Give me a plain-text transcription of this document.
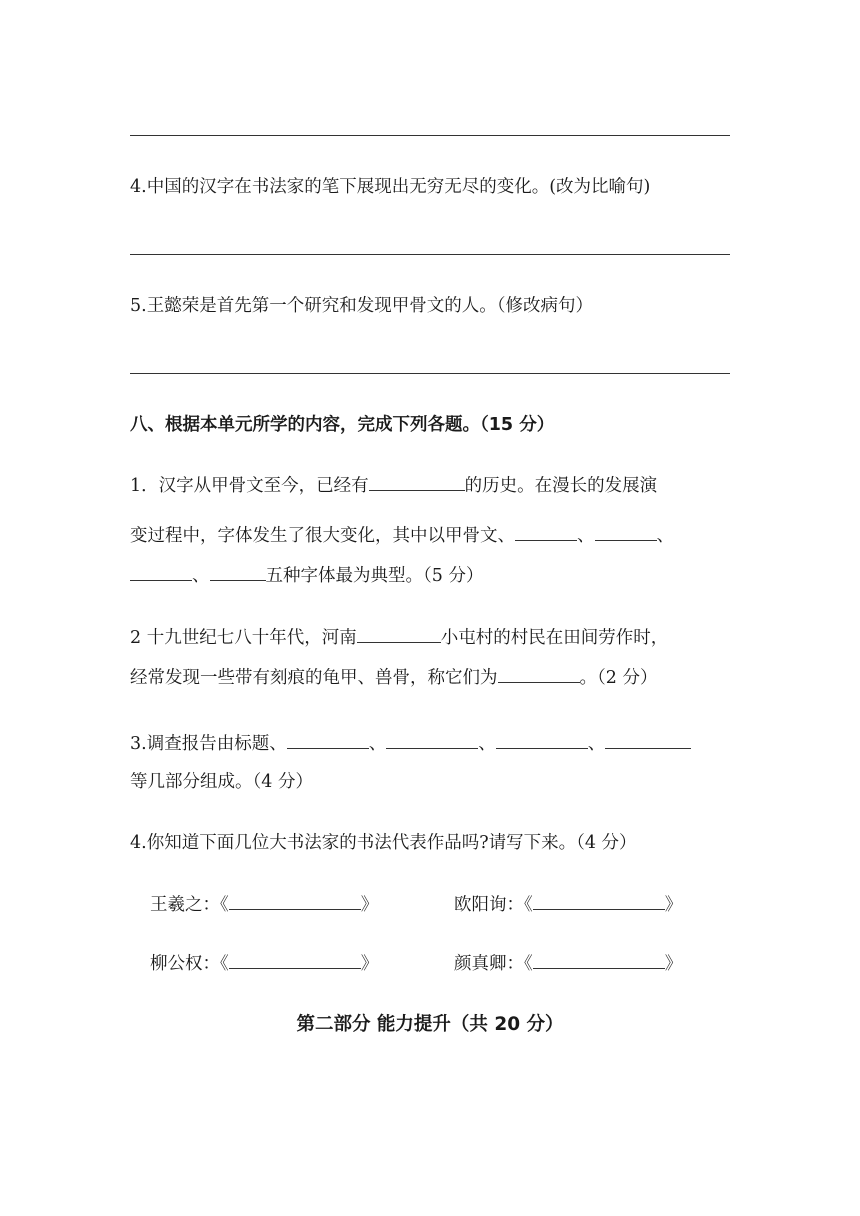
4.中国的汉字在书法家的笔下展现出无穷无尽的变化。(改为比喻句)
5.王懿荣是首先第一个研究和发现甲骨文的人。（修改病句）
八、根据本单元所学的内容，完成下列各题。（15 分）
1．汉字从甲骨文至今，已经有	的历史。在漫长的发展演
变过程中，字体发生了很大变化，其中以甲骨文、	、	、
、	五种字体最为典型。（5 分）
2 十九世纪七八十年代，河南	小屯村的村民在田间劳作时，
经常发现一些带有刻痕的龟甲、兽骨，称它们为	。（2 分）
3.调查报告由标题、	、	、	、
等几部分组成。（4 分）
4.你知道下面几位大书法家的书法代表作品吗?请写下来。（4 分）
王羲之：《	》	欧阳询：《	》
柳公权：《	》	颜真卿：《	》
第二部分 能力提升（共 20 分）
